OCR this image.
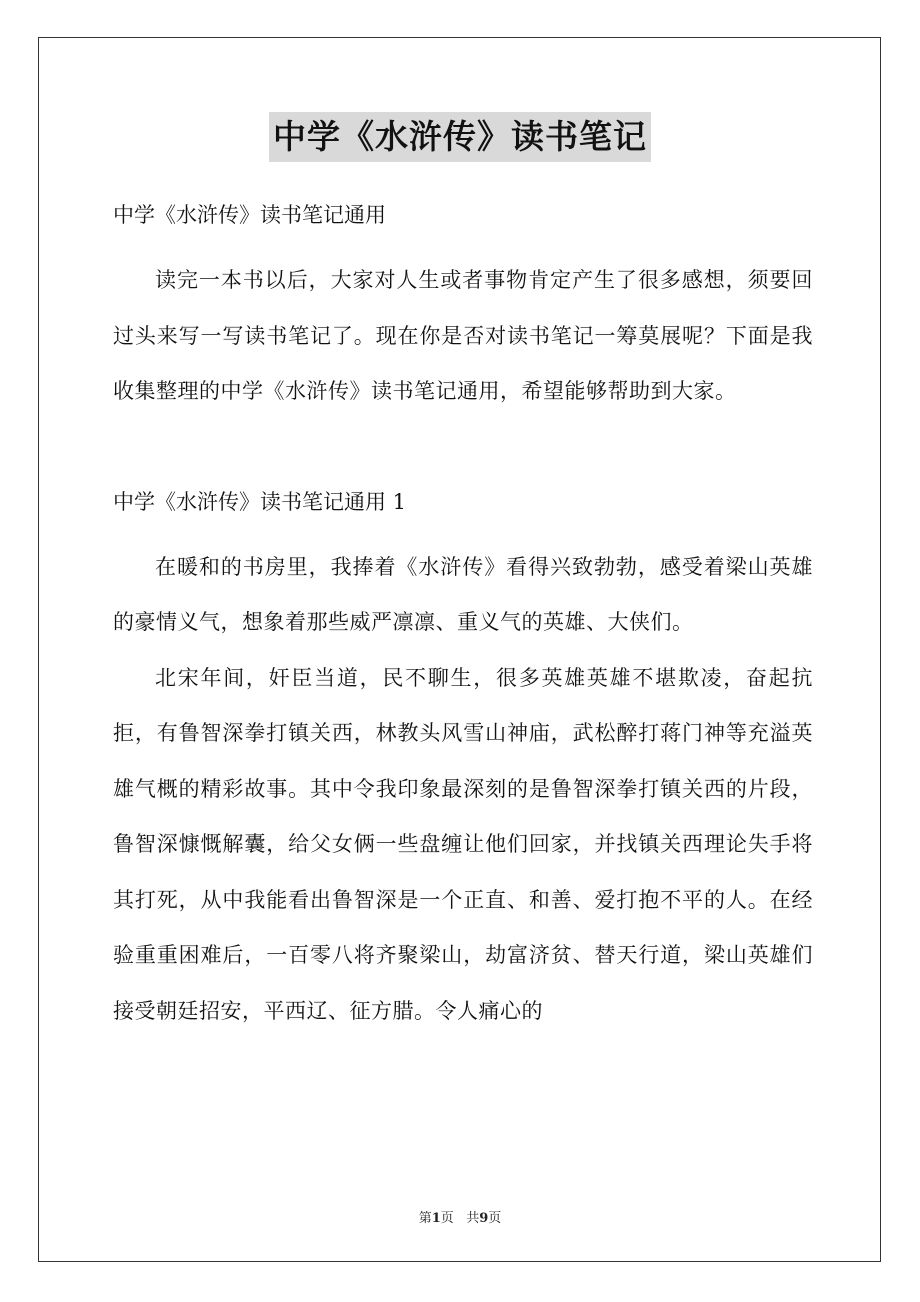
中学《水浒传》读书笔记

中学《水浒传》读书笔记通用

读完一本书以后，大家对人生或者事物肯定产生了很多感想，须要回过头来写一写读书笔记了。现在你是否对读书笔记一筹莫展呢？下面是我收集整理的中学《水浒传》读书笔记通用，希望能够帮助到大家。

中学《水浒传》读书笔记通用 1

在暖和的书房里，我捧着《水浒传》看得兴致勃勃，感受着梁山英雄的豪情义气，想象着那些威严凛凛、重义气的英雄、大侠们。

北宋年间，奸臣当道，民不聊生，很多英雄英雄不堪欺凌，奋起抗拒，有鲁智深拳打镇关西，林教头风雪山神庙，武松醉打蒋门神等充溢英雄气概的精彩故事。其中令我印象最深刻的是鲁智深拳打镇关西的片段，鲁智深慷慨解囊，给父女俩一些盘缠让他们回家，并找镇关西理论失手将其打死，从中我能看出鲁智深是一个正直、和善、爱打抱不平的人。在经验重重困难后，一百零八将齐聚梁山，劫富济贫、替天行道，梁山英雄们接受朝廷招安，平西辽、征方腊。令人痛心的

第1页   共9页
